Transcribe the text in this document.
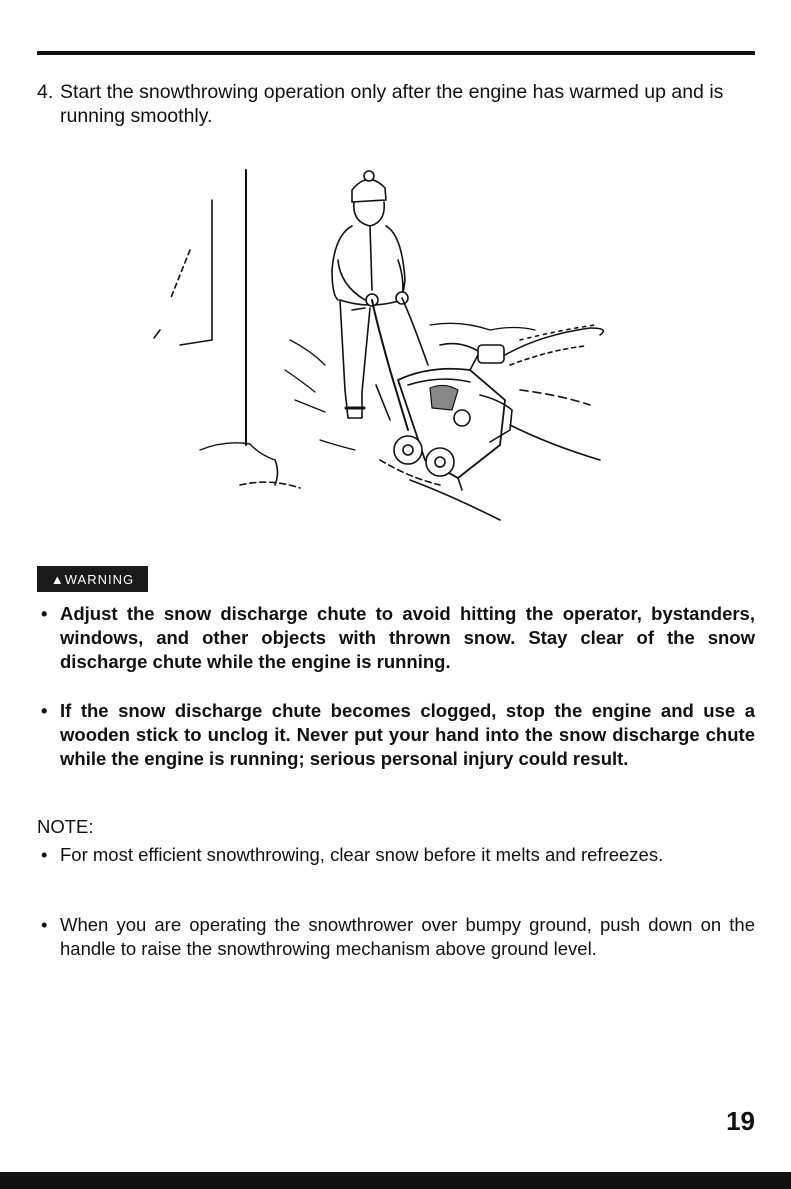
4. Start the snowthrowing operation only after the engine has warmed up and is running smoothly.
▲WARNING
• Adjust the snow discharge chute to avoid hitting the operator, bystanders, windows, and other objects with thrown snow. Stay clear of the snow discharge chute while the engine is running.
• If the snow discharge chute becomes clogged, stop the engine and use a wooden stick to unclog it. Never put your hand into the snow discharge chute while the engine is running; serious personal injury could result.
NOTE:
• For most efficient snowthrowing, clear snow before it melts and refreezes.
• When you are operating the snowthrower over bumpy ground, push down on the handle to raise the snowthrowing mechanism above ground level.
19
